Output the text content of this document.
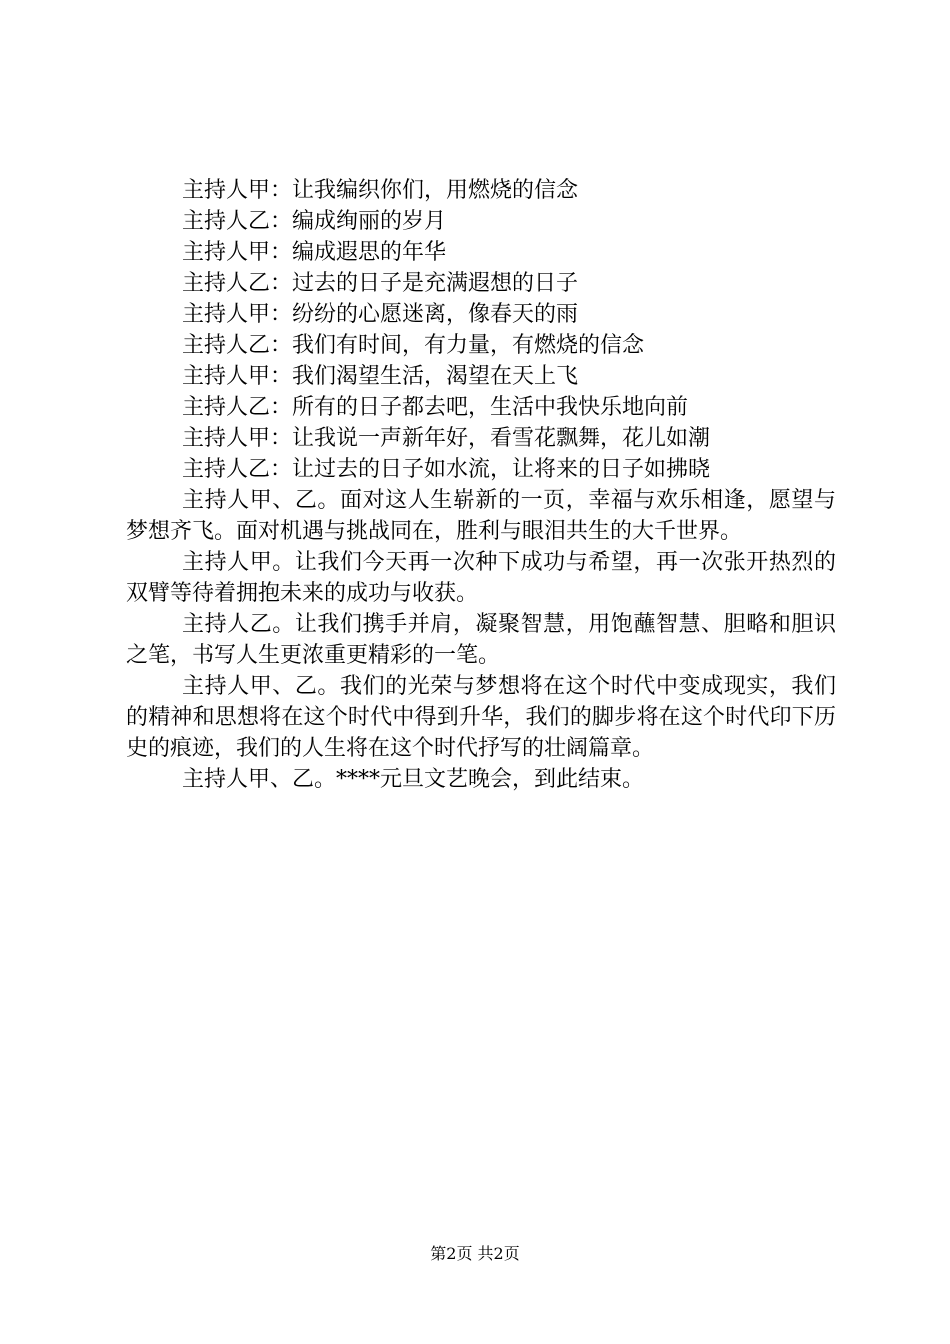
主持人甲：让我编织你们，用燃烧的信念

主持人乙：编成绚丽的岁月

主持人甲：编成遐思的年华

主持人乙：过去的日子是充满遐想的日子

主持人甲：纷纷的心愿迷离，像春天的雨

主持人乙：我们有时间，有力量，有燃烧的信念

主持人甲：我们渴望生活，渴望在天上飞

主持人乙：所有的日子都去吧，生活中我快乐地向前

主持人甲：让我说一声新年好，看雪花飘舞，花儿如潮

主持人乙：让过去的日子如水流，让将来的日子如拂晓

主持人甲、乙。面对这人生崭新的一页，幸福与欢乐相逢，愿望与梦想齐飞。面对机遇与挑战同在，胜利与眼泪共生的大千世界。

主持人甲。让我们今天再一次种下成功与希望，再一次张开热烈的双臂等待着拥抱未来的成功与收获。

主持人乙。让我们携手并肩，凝聚智慧，用饱蘸智慧、胆略和胆识之笔，书写人生更浓重更精彩的一笔。

主持人甲、乙。我们的光荣与梦想将在这个时代中变成现实，我们的精神和思想将在这个时代中得到升华，我们的脚步将在这个时代印下历史的痕迹，我们的人生将在这个时代抒写的壮阔篇章。

主持人甲、乙。****元旦文艺晚会，到此结束。

第2页 共2页
